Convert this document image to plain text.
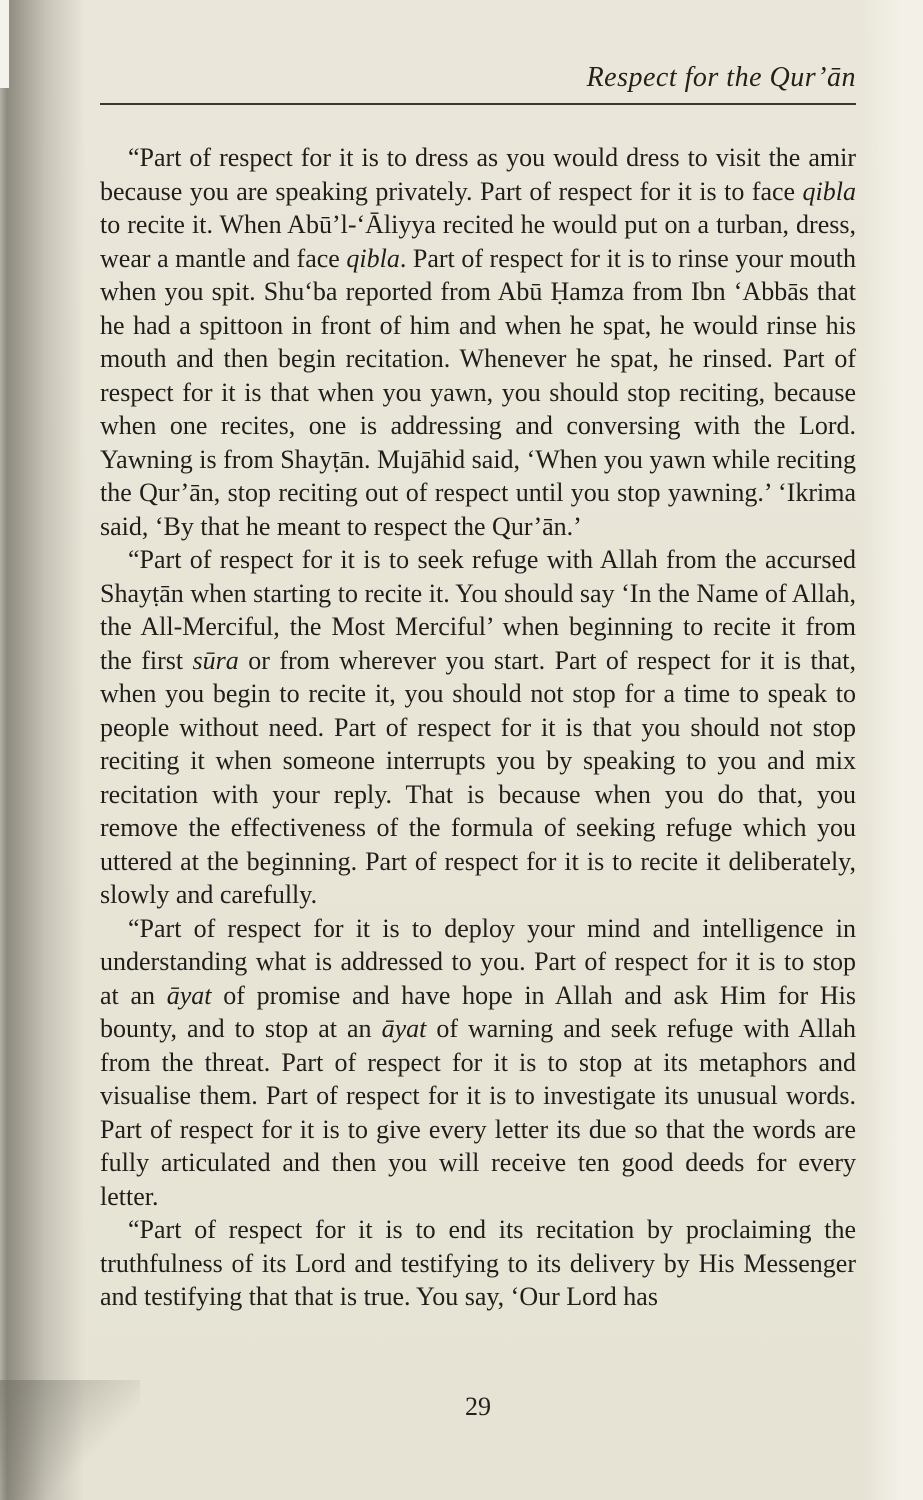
Respect for the Qur’ān

“Part of respect for it is to dress as you would dress to visit the amir because you are speaking privately. Part of respect for it is to face qibla to recite it. When Abū’l-‘Āliyya recited he would put on a turban, dress, wear a mantle and face qibla. Part of respect for it is to rinse your mouth when you spit. Shu‘ba reported from Abū Ḥamza from Ibn ‘Abbās that he had a spittoon in front of him and when he spat, he would rinse his mouth and then begin recitation. Whenever he spat, he rinsed. Part of respect for it is that when you yawn, you should stop reciting, because when one recites, one is addressing and conversing with the Lord. Yawning is from Shayṭān. Mujāhid said, ‘When you yawn while reciting the Qur’ān, stop reciting out of respect until you stop yawning.’ ‘Ikrima said, ‘By that he meant to respect the Qur’ān.’

“Part of respect for it is to seek refuge with Allah from the accursed Shayṭān when starting to recite it. You should say ‘In the Name of Allah, the All-Merciful, the Most Merciful’ when beginning to recite it from the first sūra or from wherever you start. Part of respect for it is that, when you begin to recite it, you should not stop for a time to speak to people without need. Part of respect for it is that you should not stop reciting it when someone interrupts you by speaking to you and mix recitation with your reply. That is because when you do that, you remove the effectiveness of the formula of seeking refuge which you uttered at the beginning. Part of respect for it is to recite it deliberately, slowly and carefully.

“Part of respect for it is to deploy your mind and intelligence in understanding what is addressed to you. Part of respect for it is to stop at an āyat of promise and have hope in Allah and ask Him for His bounty, and to stop at an āyat of warning and seek refuge with Allah from the threat. Part of respect for it is to stop at its metaphors and visualise them. Part of respect for it is to investigate its unusual words. Part of respect for it is to give every letter its due so that the words are fully articulated and then you will receive ten good deeds for every letter.

“Part of respect for it is to end its recitation by proclaiming the truthfulness of its Lord and testifying to its delivery by His Messenger and testifying that that is true. You say, ‘Our Lord has

29
